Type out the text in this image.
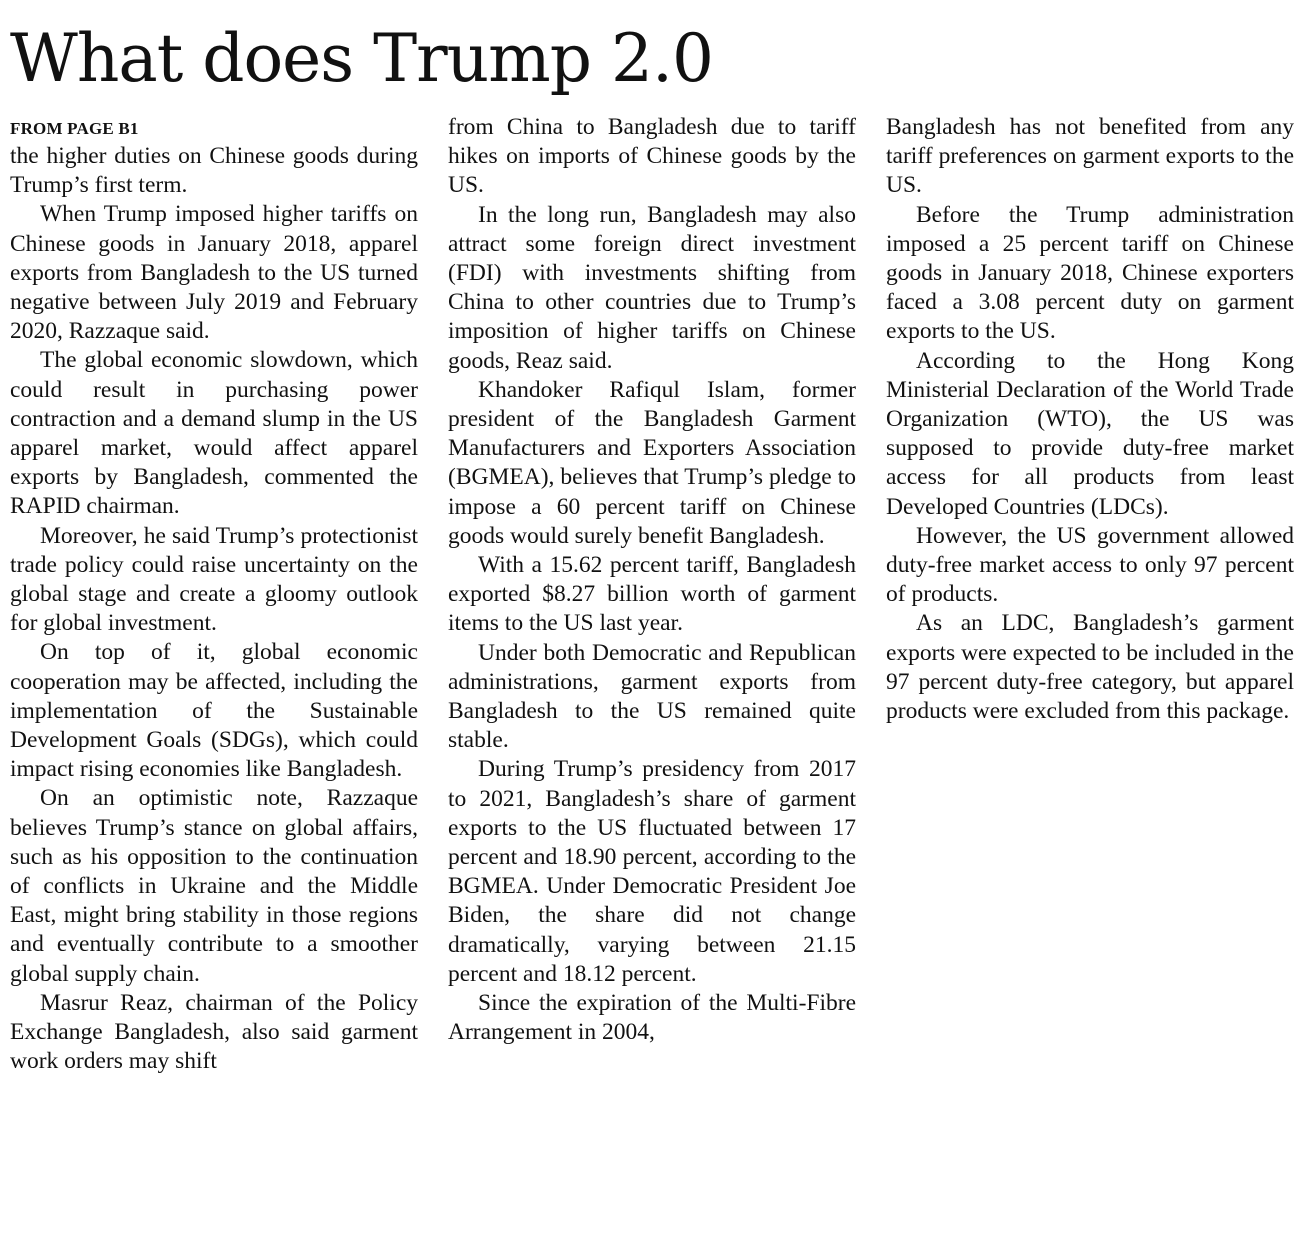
What does Trump 2.0
FROM PAGE B1

the higher duties on Chinese goods during Trump’s first term.

When Trump imposed higher tariffs on Chinese goods in January 2018, apparel exports from Bangladesh to the US turned negative between July 2019 and February 2020, Razzaque said.

The global economic slowdown, which could result in purchasing power contraction and a demand slump in the US apparel market, would affect apparel exports by Bangladesh, commented the RAPID chairman.

Moreover, he said Trump’s protectionist trade policy could raise uncertainty on the global stage and create a gloomy outlook for global investment.

On top of it, global economic cooperation may be affected, including the implementation of the Sustainable Development Goals (SDGs), which could impact rising economies like Bangladesh.

On an optimistic note, Razzaque believes Trump’s stance on global affairs, such as his opposition to the continuation of conflicts in Ukraine and the Middle East, might bring stability in those regions and eventually contribute to a smoother global supply chain.

Masrur Reaz, chairman of the Policy Exchange Bangladesh, also said garment work orders may shift

from China to Bangladesh due to tariff hikes on imports of Chinese goods by the US.

In the long run, Bangladesh may also attract some foreign direct investment (FDI) with investments shifting from China to other countries due to Trump’s imposition of higher tariffs on Chinese goods, Reaz said.

Khandoker Rafiqul Islam, former president of the Bangladesh Garment Manufacturers and Exporters Association (BGMEA), believes that Trump’s pledge to impose a 60 percent tariff on Chinese goods would surely benefit Bangladesh.

With a 15.62 percent tariff, Bangladesh exported $8.27 billion worth of garment items to the US last year.

Under both Democratic and Republican administrations, garment exports from Bangladesh to the US remained quite stable.

During Trump’s presidency from 2017 to 2021, Bangladesh’s share of garment exports to the US fluctuated between 17 percent and 18.90 percent, according to the BGMEA. Under Democratic President Joe Biden, the share did not change dramatically, varying between 21.15 percent and 18.12 percent.

Since the expiration of the Multi-Fibre Arrangement in 2004,

Bangladesh has not benefited from any tariff preferences on garment exports to the US.

Before the Trump administration imposed a 25 percent tariff on Chinese goods in January 2018, Chinese exporters faced a 3.08 percent duty on garment exports to the US.

According to the Hong Kong Ministerial Declaration of the World Trade Organization (WTO), the US was supposed to provide duty-free market access for all products from least Developed Countries (LDCs).

However, the US government allowed duty-free market access to only 97 percent of products.

As an LDC, Bangladesh’s garment exports were expected to be included in the 97 percent duty-free category, but apparel products were excluded from this package.
